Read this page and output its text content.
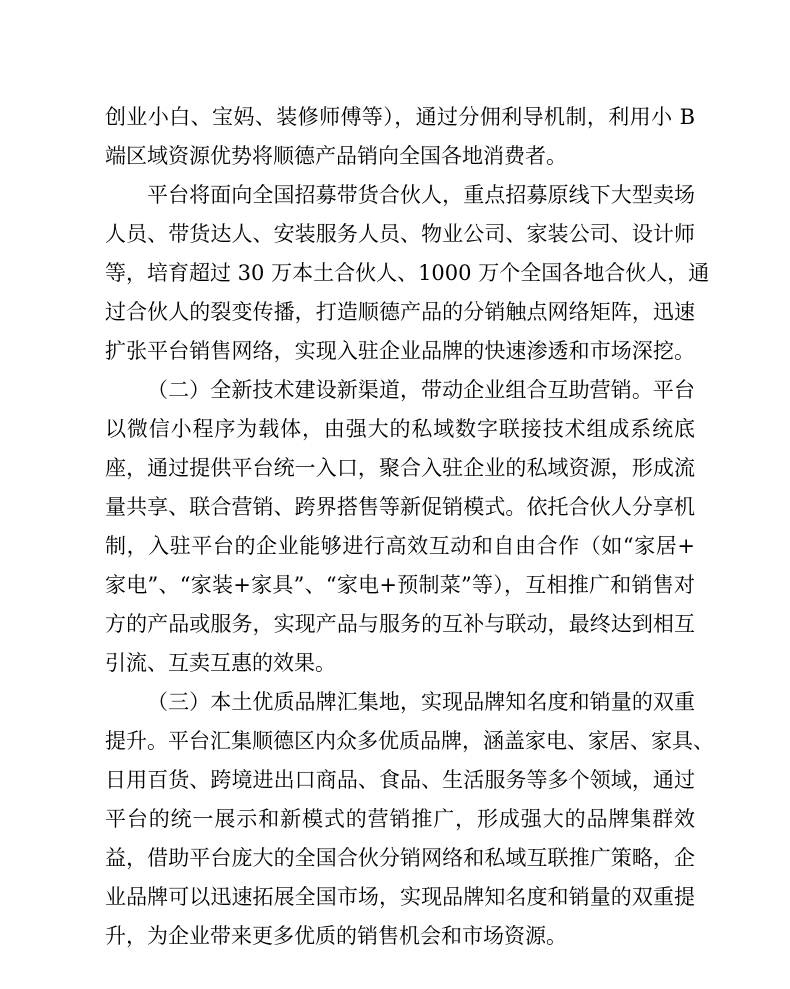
创业小白、宝妈、装修师傅等），通过分佣利导机制，利用小 B
端区域资源优势将顺德产品销向全国各地消费者。
平台将面向全国招募带货合伙人，重点招募原线下大型卖场
人员、带货达人、安装服务人员、物业公司、家装公司、设计师
等，培育超过 30 万本土合伙人、1000 万个全国各地合伙人，通
过合伙人的裂变传播，打造顺德产品的分销触点网络矩阵，迅速
扩张平台销售网络，实现入驻企业品牌的快速渗透和市场深挖。
（二）全新技术建设新渠道，带动企业组合互助营销。平台
以微信小程序为载体，由强大的私域数字联接技术组成系统底
座，通过提供平台统一入口，聚合入驻企业的私域资源，形成流
量共享、联合营销、跨界搭售等新促销模式。依托合伙人分享机
制，入驻平台的企业能够进行高效互动和自由合作（如“家居+
家电”、“家装+家具”、“家电+预制菜”等），互相推广和销售对
方的产品或服务，实现产品与服务的互补与联动，最终达到相互
引流、互卖互惠的效果。
（三）本土优质品牌汇集地，实现品牌知名度和销量的双重
提升。平台汇集顺德区内众多优质品牌，涵盖家电、家居、家具、
日用百货、跨境进出口商品、食品、生活服务等多个领域，通过
平台的统一展示和新模式的营销推广，形成强大的品牌集群效
益，借助平台庞大的全国合伙分销网络和私域互联推广策略，企
业品牌可以迅速拓展全国市场，实现品牌知名度和销量的双重提
升，为企业带来更多优质的销售机会和市场资源。
